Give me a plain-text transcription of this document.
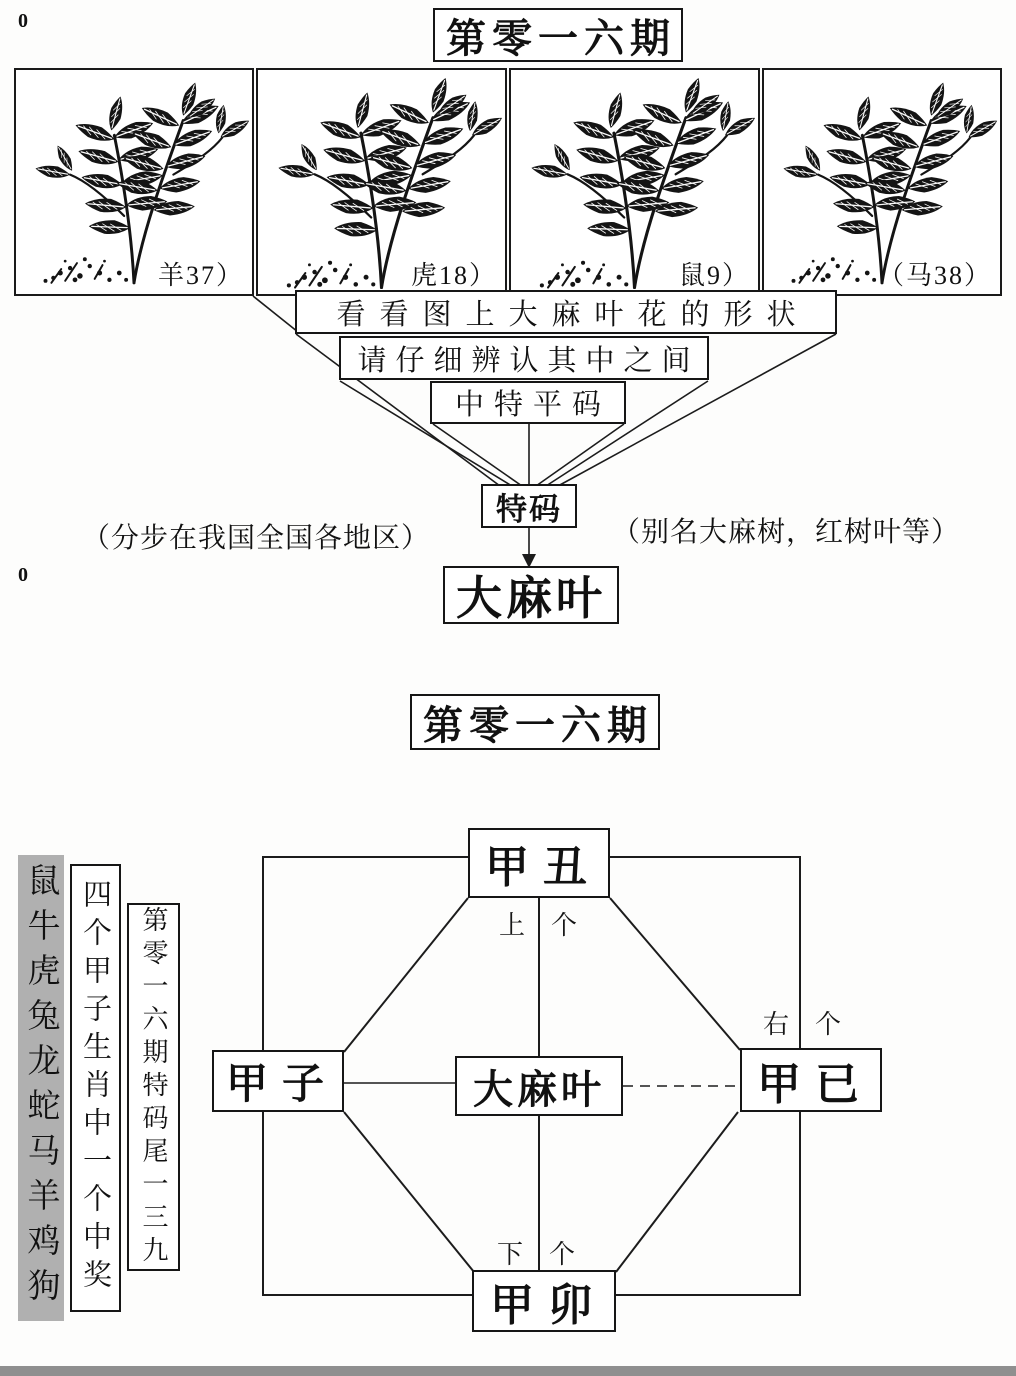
0
0
第零一六期
羊37）	虎18）	鼠9）	（马38）
看看图上大麻叶花的形状
请仔细辨认其中之间
中特平码
特码
（分步在我国全国各地区）	（别名大麻树，红树叶等）
大麻叶
第零一六期
鼠牛虎兔龙蛇马羊鸡狗 四个甲子生肖中一个中奖	第零一六期特码尾一三九
甲丑
甲子	大麻叶	甲已
甲卯
上个
右个
下个
